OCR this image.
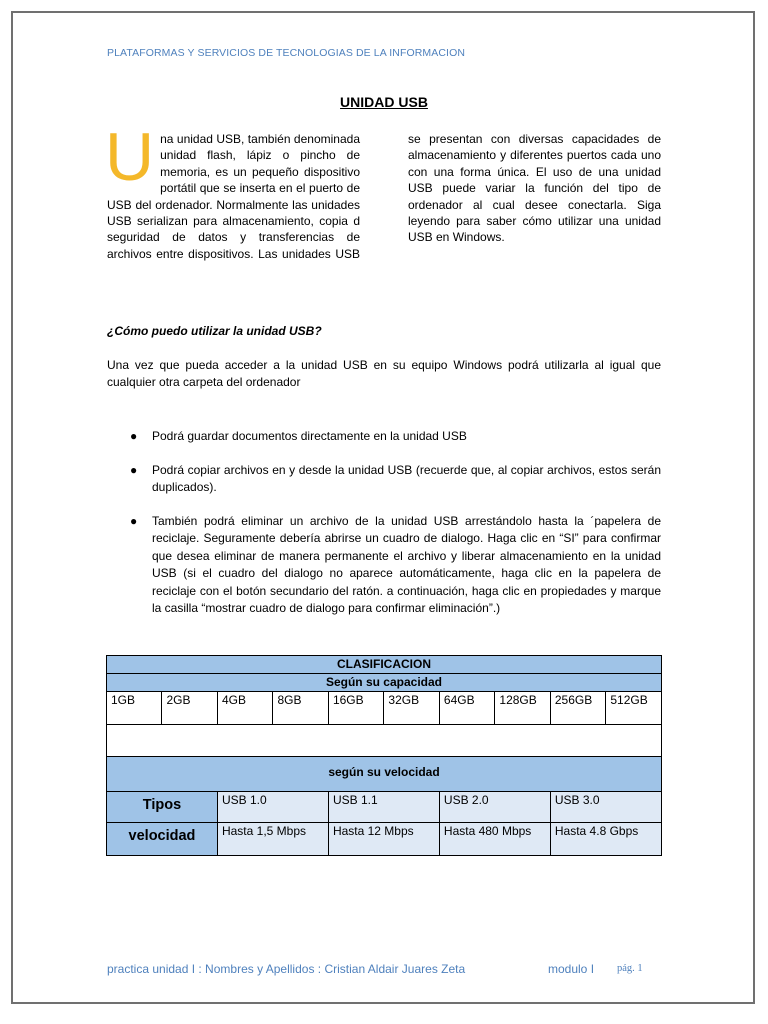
PLATAFORMAS Y SERVICIOS DE TECNOLOGIAS DE LA INFORMACION
UNIDAD USB

Una unidad USB, también denominada unidad flash, lápiz o pincho de memoria, es un pequeño dispositivo portátil que se inserta en el puerto de USB del ordenador. Normalmente las unidades USB serializan para almacenamiento, copia d seguridad de datos y transferencias de archivos entre dispositivos. Las unidades USB se presentan con diversas capacidades de almacenamiento y diferentes puertos cada uno con una forma única. El uso de una unidad USB puede variar la función del tipo de ordenador al cual desee conectarla. Siga leyendo para saber cómo utilizar una unidad USB en Windows.

¿Cómo puedo utilizar la unidad USB?
Una vez que pueda acceder a la unidad USB en su equipo Windows podrá utilizarla al igual que cualquier otra carpeta del ordenador
● Podrá guardar documentos directamente en la unidad USB
● Podrá copiar archivos en y desde la unidad USB (recuerde que, al copiar archivos, estos serán duplicados).
● También podrá eliminar un archivo de la unidad USB arrestándolo hasta la ´papelera de reciclaje. Seguramente debería abrirse un cuadro de dialogo. Haga clic en “SI” para confirmar que desea eliminar de manera permanente el archivo y liberar almacenamiento en la unidad USB (si el cuadro del dialogo no aparece automáticamente, haga clic en la papelera de reciclaje con el botón secundario del ratón. a continuación, haga clic en propiedades y marque la casilla “mostrar cuadro de dialogo para confirmar eliminación”.)
CLASIFICACION									
Según su capacidad									
1GB	2GB	4GB	8GB	16GB	32GB	64GB	128GB	256GB	512GB

según su velocidad									
Tipos		USB 1.0		USB 1.1		USB 2.0		USB 3.0	
velocidad		Hasta 1,5 Mbps		Hasta 12 Mbps		Hasta 480 Mbps		Hasta 4.8 Gbps	
practica unidad I : Nombres y Apellidos : Cristian Aldair Juares Zeta	modulo I pág. 1
